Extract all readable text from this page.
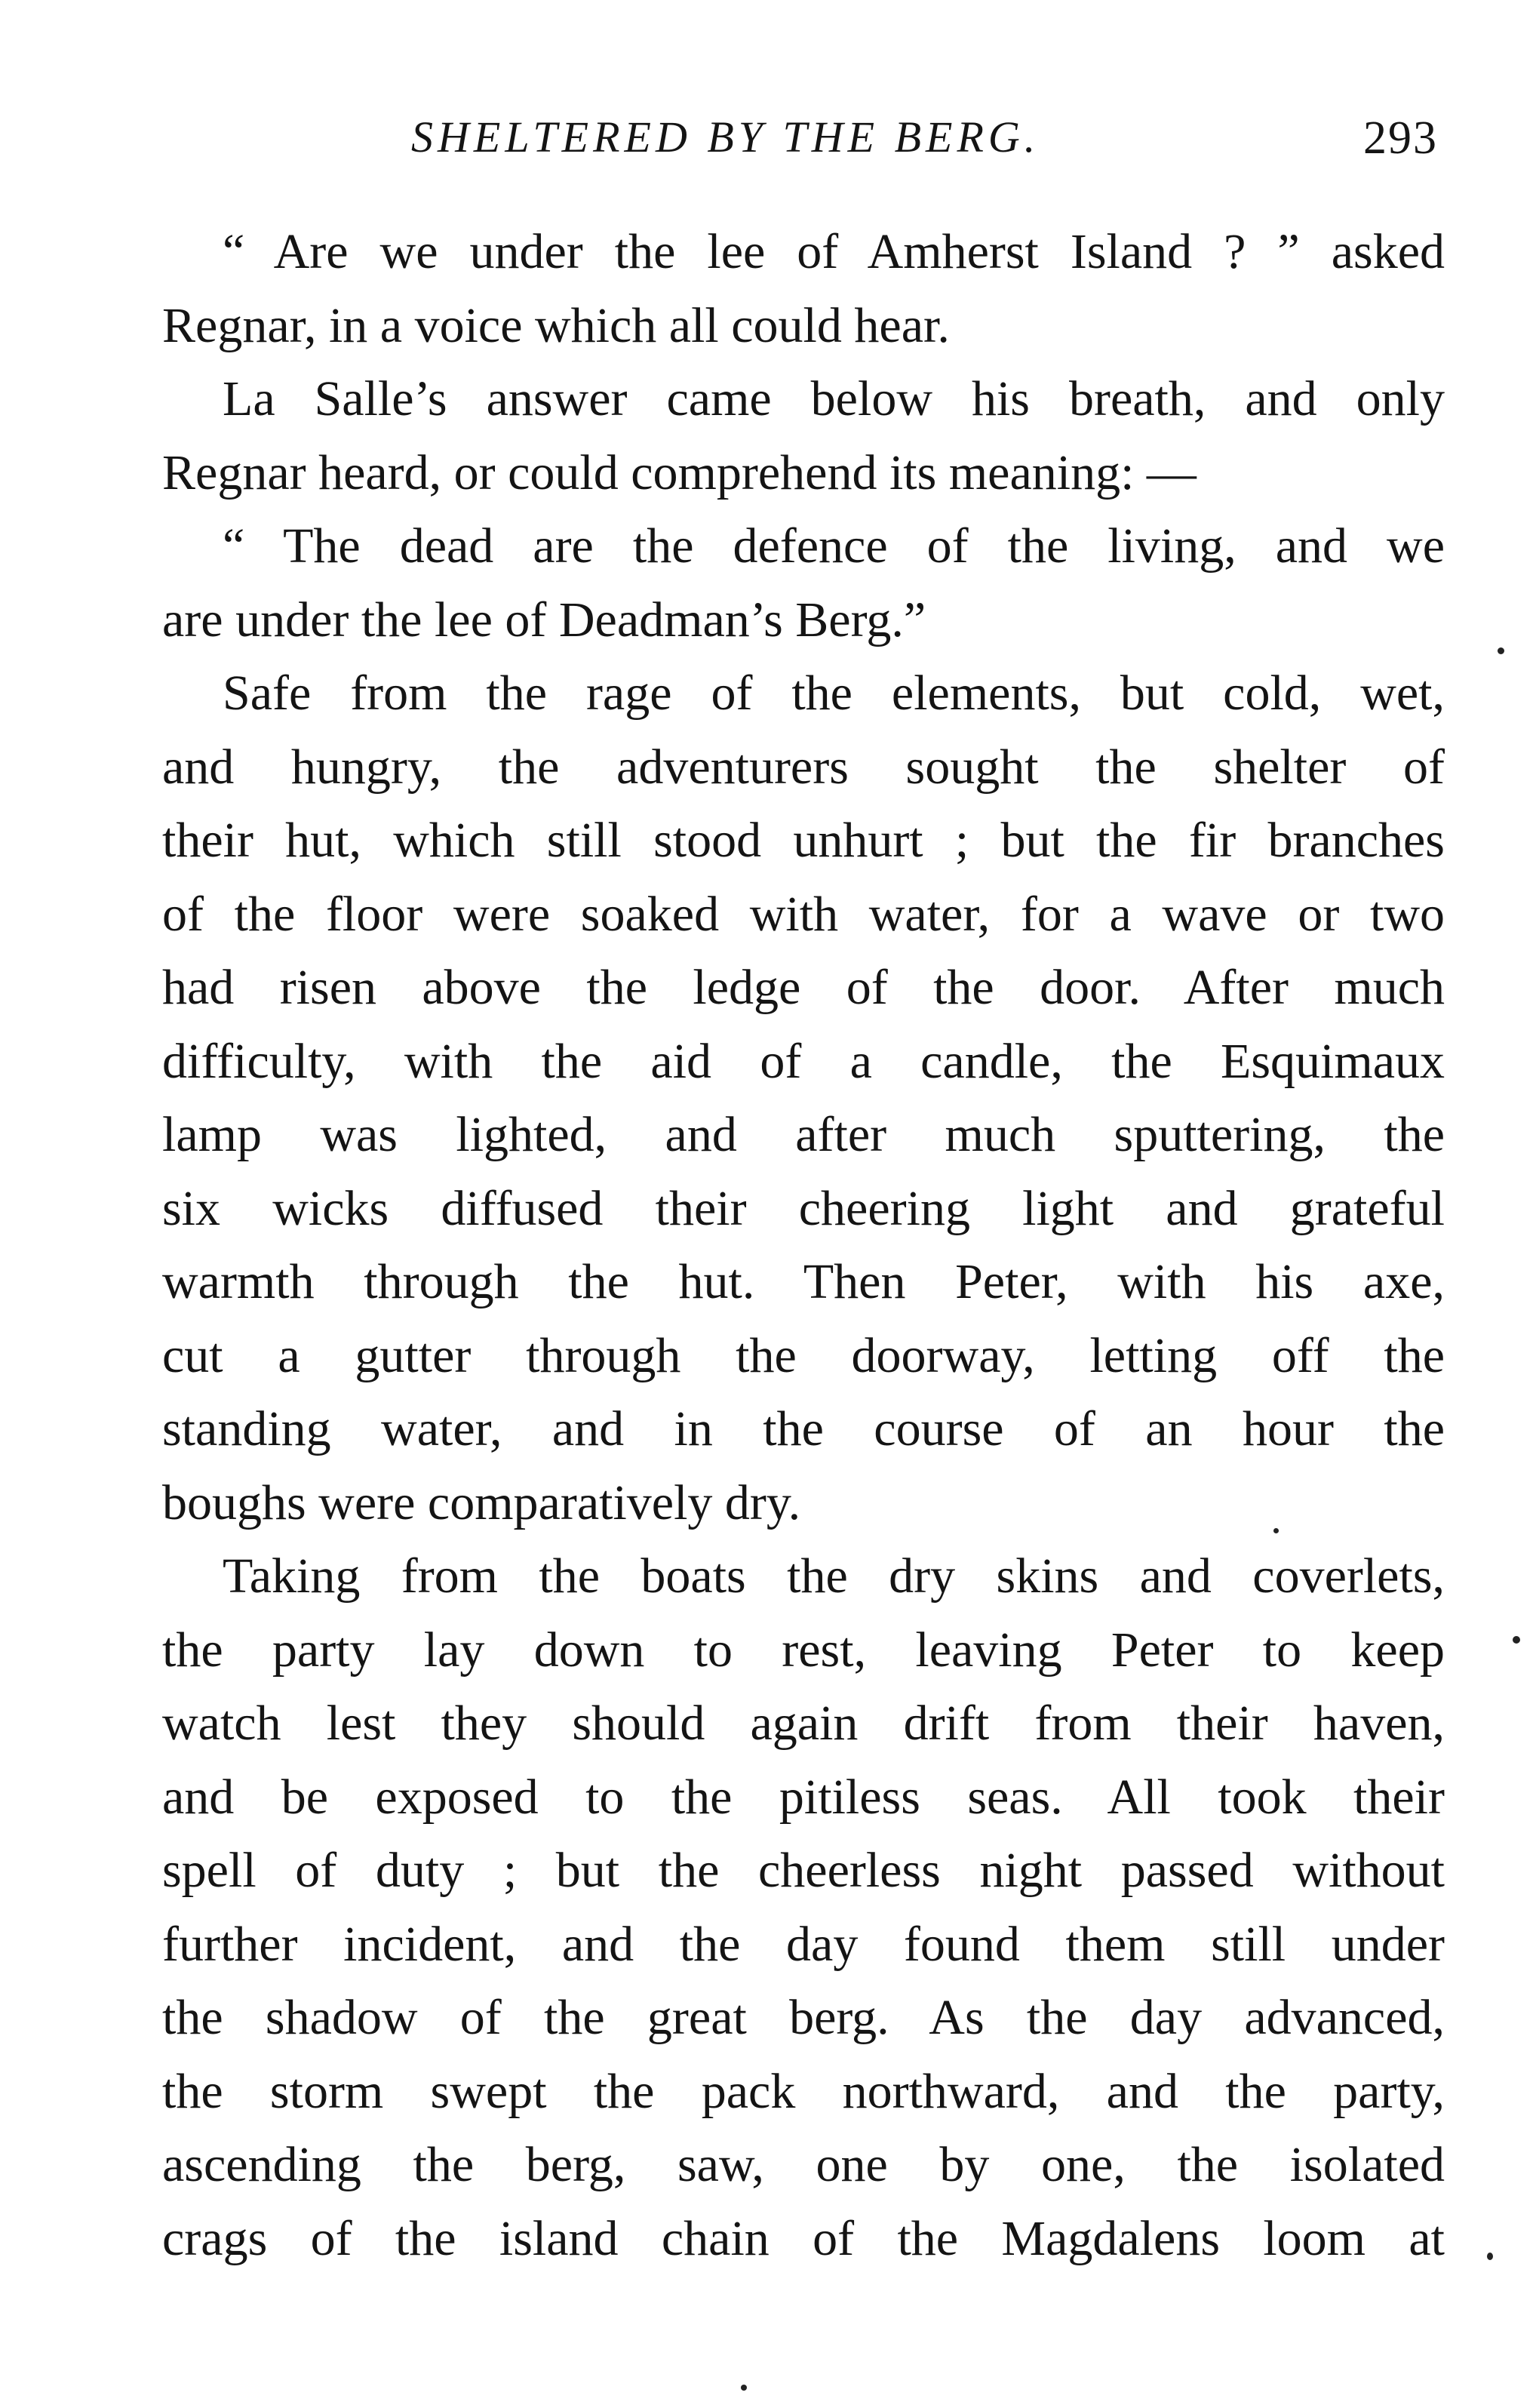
SHELTERED BY THE BERG.	293
“ Are we under the lee of Amherst Island ? ” asked
Regnar, in a voice which all could hear.
La Salle’s answer came below his breath, and only
Regnar heard, or could comprehend its meaning: —
“ The dead are the defence of the living, and we
are under the lee of Deadman’s Berg.”
Safe from the rage of the elements, but cold, wet,
and hungry, the adventurers sought the shelter of
their hut, which still stood unhurt ; but the fir branches
of the floor were soaked with water, for a wave or two
had risen above the ledge of the door. After much
difficulty, with the aid of a candle, the Esquimaux
lamp was lighted, and after much sputtering, the
six wicks diffused their cheering light and grateful
warmth through the hut. Then Peter, with his axe,
cut a gutter through the doorway, letting off the
standing water, and in the course of an hour the
boughs were comparatively dry.
Taking from the boats the dry skins and coverlets,
the party lay down to rest, leaving Peter to keep
watch lest they should again drift from their haven,
and be exposed to the pitiless seas. All took their
spell of duty ; but the cheerless night passed without
further incident, and the day found them still under
the shadow of the great berg. As the day advanced,
the storm swept the pack northward, and the party,
ascending the berg, saw, one by one, the isolated
crags of the island chain of the Magdalens loom at
